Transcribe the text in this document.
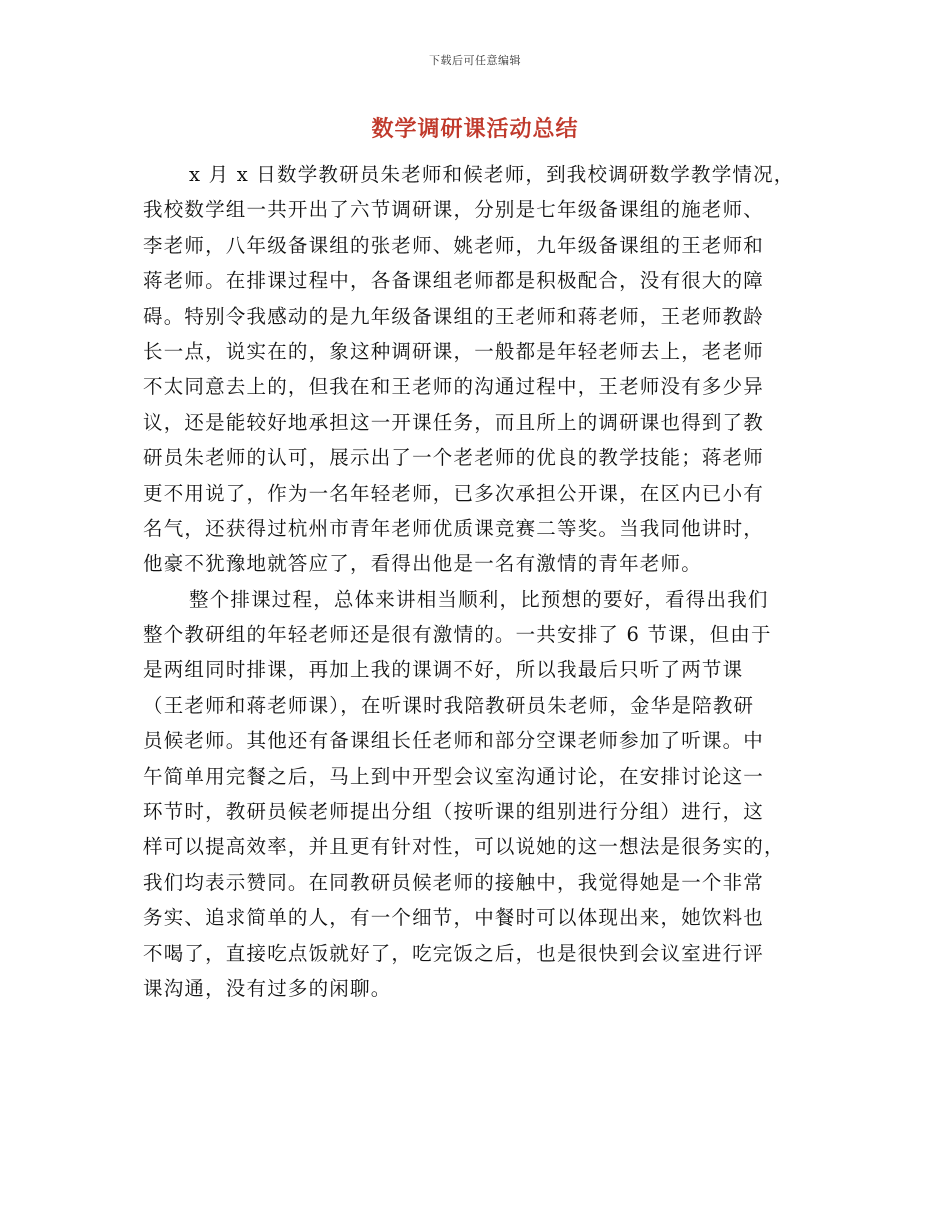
下载后可任意编辑
数学调研课活动总结
x 月 x 日数学教研员朱老师和候老师，到我校调研数学教学情况，
我校数学组一共开出了六节调研课，分别是七年级备课组的施老师、
李老师，八年级备课组的张老师、姚老师，九年级备课组的王老师和
蒋老师。在排课过程中，各备课组老师都是积极配合，没有很大的障
碍。特别令我感动的是九年级备课组的王老师和蒋老师，王老师教龄
长一点，说实在的，象这种调研课，一般都是年轻老师去上，老老师
不太同意去上的，但我在和王老师的沟通过程中，王老师没有多少异
议，还是能较好地承担这一开课任务，而且所上的调研课也得到了教
研员朱老师的认可，展示出了一个老老师的优良的教学技能；蒋老师
更不用说了，作为一名年轻老师，已多次承担公开课，在区内已小有
名气，还获得过杭州市青年老师优质课竞赛二等奖。当我同他讲时，
他豪不犹豫地就答应了，看得出他是一名有激情的青年老师。
整个排课过程，总体来讲相当顺利，比预想的要好，看得出我们
整个教研组的年轻老师还是很有激情的。一共安排了 6 节课，但由于
是两组同时排课，再加上我的课调不好，所以我最后只听了两节课
（王老师和蒋老师课），在听课时我陪教研员朱老师，金华是陪教研
员候老师。其他还有备课组长任老师和部分空课老师参加了听课。中
午简单用完餐之后，马上到中开型会议室沟通讨论，在安排讨论这一
环节时，教研员候老师提出分组（按听课的组别进行分组）进行，这
样可以提高效率，并且更有针对性，可以说她的这一想法是很务实的，
我们均表示赞同。在同教研员候老师的接触中，我觉得她是一个非常
务实、追求简单的人，有一个细节，中餐时可以体现出来，她饮料也
不喝了，直接吃点饭就好了，吃完饭之后，也是很快到会议室进行评
课沟通，没有过多的闲聊。
